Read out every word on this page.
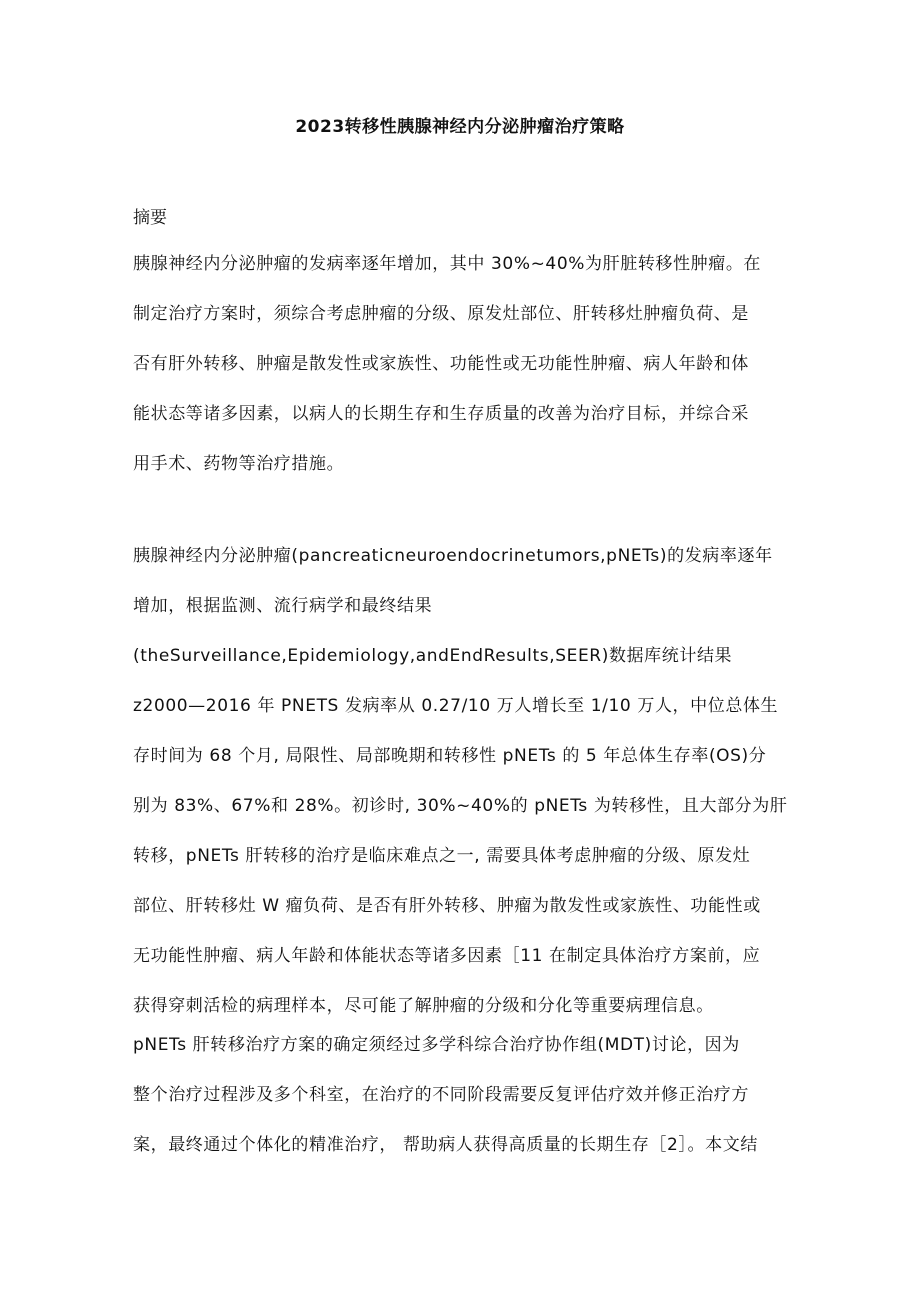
2023转移性胰腺神经内分泌肿瘤治疗策略
摘要
胰腺神经内分泌肿瘤的发病率逐年增加，其中 30%~40%为肝脏转移性肿瘤。在
制定治疗方案时，须综合考虑肿瘤的分级、原发灶部位、肝转移灶肿瘤负荷、是
否有肝外转移、肿瘤是散发性或家族性、功能性或无功能性肿瘤、病人年龄和体
能状态等诸多因素，以病人的长期生存和生存质量的改善为治疗目标，并综合采
用手术、药物等治疗措施。
胰腺神经内分泌肿瘤(pancreaticneuroendocrinetumors,pNETs)的发病率逐年
增加，根据监测、流行病学和最终结果
(theSurveillance,Epidemiology,andEndResults,SEER)数据库统计结果
z2000—2016 年 PNETS 发病率从 0.27/10 万人增长至 1/10 万人，中位总体生
存时间为 68 个月, 局限性、局部晚期和转移性 pNETs 的 5 年总体生存率(OS)分
别为 83%、67%和 28%。初诊时, 30%~40%的 pNETs 为转移性，且大部分为肝
转移，pNETs 肝转移的治疗是临床难点之一, 需要具体考虑肿瘤的分级、原发灶
部位、肝转移灶 W 瘤负荷、是否有肝外转移、肿瘤为散发性或家族性、功能性或
无功能性肿瘤、病人年龄和体能状态等诸多因素［11 在制定具体治疗方案前，应
获得穿刺活检的病理样本，尽可能了解肿瘤的分级和分化等重要病理信息。
pNETs 肝转移治疗方案的确定须经过多学科综合治疗协作组(MDT)讨论，因为
整个治疗过程涉及多个科室，在治疗的不同阶段需要反复评估疗效并修正治疗方
案，最终通过个体化的精准治疗， 帮助病人获得高质量的长期生存［2］。本文结
